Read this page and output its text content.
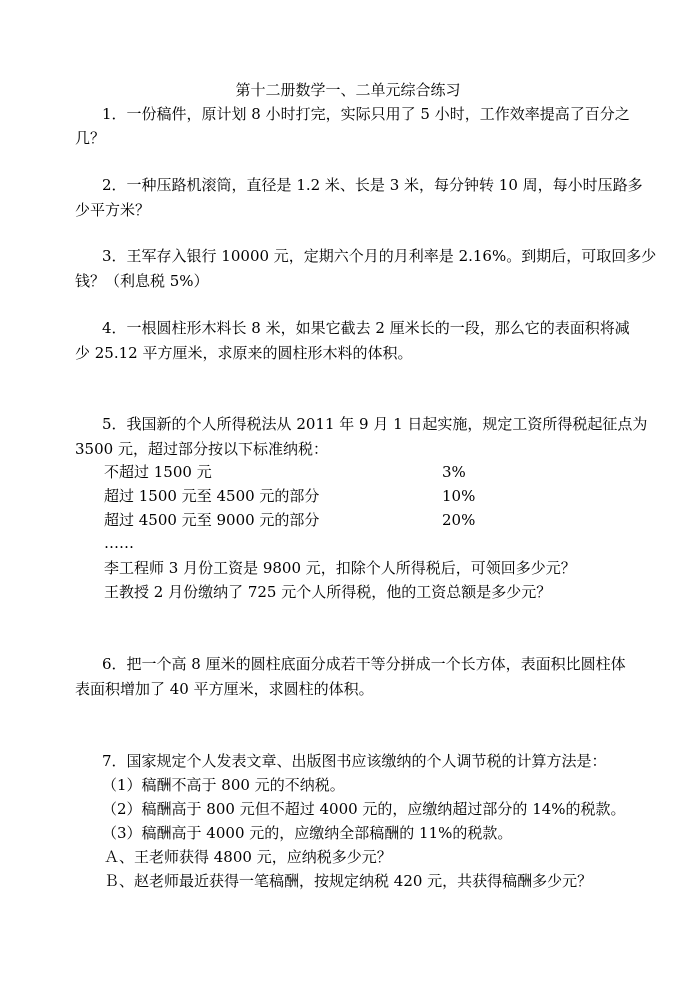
第十二册数学一、二单元综合练习
1．一份稿件，原计划 8 小时打完，实际只用了 5 小时，工作效率提高了百分之
几？
2．一种压路机滚筒，直径是 1.2 米、长是 3 米，每分钟转 10 周，每小时压路多
少平方米？
3．王军存入银行 10000 元，定期六个月的月利率是 2.16%。到期后，可取回多少
钱？（利息税 5%）
4．一根圆柱形木料长 8 米，如果它截去 2 厘米长的一段，那么它的表面积将减
少 25.12 平方厘米，求原来的圆柱形木料的体积。
5．我国新的个人所得税法从 2011 年 9 月 1 日起实施，规定工资所得税起征点为
3500 元，超过部分按以下标准纳税：
不超过 1500 元	3%
超过 1500 元至 4500 元的部分	10%
超过 4500 元至 9000 元的部分	20%
……
李工程师 3 月份工资是 9800 元，扣除个人所得税后，可领回多少元？
王教授 2 月份缴纳了 725 元个人所得税，他的工资总额是多少元？
6．把一个高 8 厘米的圆柱底面分成若干等分拼成一个长方体，表面积比圆柱体
表面积增加了 40 平方厘米，求圆柱的体积。
7．国家规定个人发表文章、出版图书应该缴纳的个人调节税的计算方法是：
（1）稿酬不高于 800 元的不纳税。
（2）稿酬高于 800 元但不超过 4000 元的，应缴纳超过部分的 14%的税款。
（3）稿酬高于 4000 元的，应缴纳全部稿酬的 11%的税款。
Ａ、王老师获得 4800 元，应纳税多少元？
Ｂ、赵老师最近获得一笔稿酬，按规定纳税 420 元，共获得稿酬多少元？
